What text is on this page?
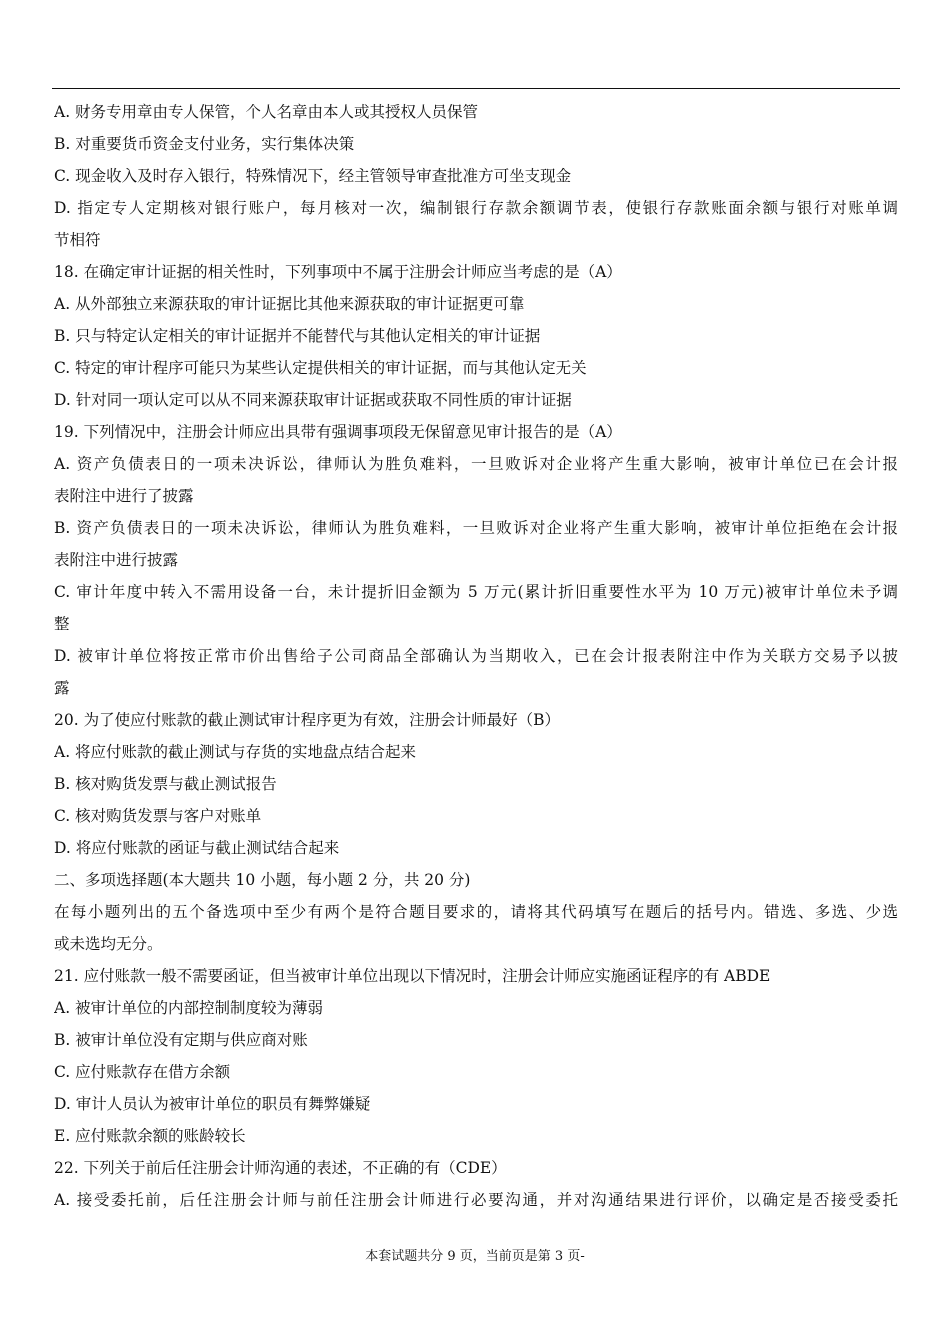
A. 财务专用章由专人保管，个人名章由本人或其授权人员保管
B. 对重要货币资金支付业务，实行集体决策
C. 现金收入及时存入银行，特殊情况下，经主管领导审查批准方可坐支现金
D. 指定专人定期核对银行账户，每月核对一次，编制银行存款余额调节表，使银行存款账面余额与银行对账单调
节相符
18. 在确定审计证据的相关性时，下列事项中不属于注册会计师应当考虑的是（A）
A. 从外部独立来源获取的审计证据比其他来源获取的审计证据更可靠
B. 只与特定认定相关的审计证据并不能替代与其他认定相关的审计证据
C. 特定的审计程序可能只为某些认定提供相关的审计证据，而与其他认定无关
D. 针对同一项认定可以从不同来源获取审计证据或获取不同性质的审计证据
19. 下列情况中，注册会计师应出具带有强调事项段无保留意见审计报告的是（A）
A. 资产负债表日的一项未决诉讼，律师认为胜负难料，一旦败诉对企业将产生重大影响，被审计单位已在会计报
表附注中进行了披露
B. 资产负债表日的一项未决诉讼，律师认为胜负难料，一旦败诉对企业将产生重大影响，被审计单位拒绝在会计报
表附注中进行披露
C. 审计年度中转入不需用设备一台，未计提折旧金额为 5 万元(累计折旧重要性水平为 10 万元)被审计单位未予调
整
D. 被审计单位将按正常市价出售给子公司商品全部确认为当期收入，已在会计报表附注中作为关联方交易予以披
露
20. 为了使应付账款的截止测试审计程序更为有效，注册会计师最好（B）
A. 将应付账款的截止测试与存货的实地盘点结合起来
B. 核对购货发票与截止测试报告
C. 核对购货发票与客户对账单
D. 将应付账款的函证与截止测试结合起来
二、多项选择题(本大题共 10 小题，每小题 2 分，共 20 分)
在每小题列出的五个备选项中至少有两个是符合题目要求的，请将其代码填写在题后的括号内。错选、多选、少选
或未选均无分。
21. 应付账款一般不需要函证，但当被审计单位出现以下情况时，注册会计师应实施函证程序的有 ABDE
A. 被审计单位的内部控制制度较为薄弱
B. 被审计单位没有定期与供应商对账
C. 应付账款存在借方余额
D. 审计人员认为被审计单位的职员有舞弊嫌疑
E. 应付账款余额的账龄较长
22. 下列关于前后任注册会计师沟通的表述，不正确的有（CDE）
A. 接受委托前，后任注册会计师与前任注册会计师进行必要沟通，并对沟通结果进行评价，以确定是否接受委托
本套试题共分 9 页，当前页是第 3 页-
